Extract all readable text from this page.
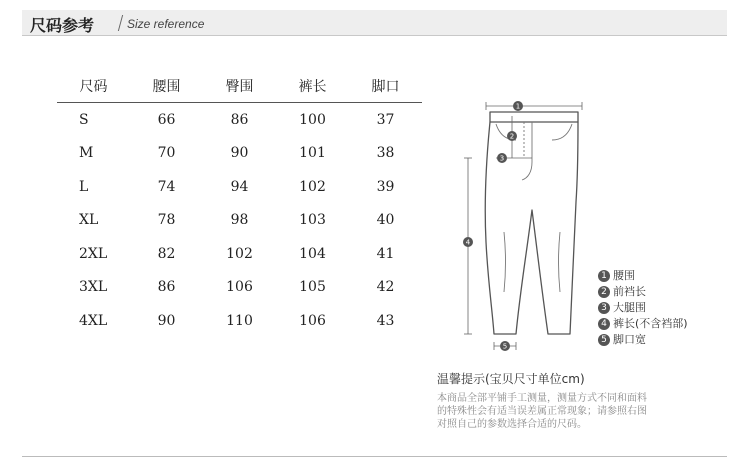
尺码参考	Size reference
尺码	腰围	臀围	裤长	脚口
S	66	86	100	37
M	70	90	101	38
L	74	94	102	39
XL	78	98	103	40
2XL	82	102	104	41
3XL	86	106	105	42
4XL	90	110	106	43
1
2
3
4
5
1 腰围
2 前裆长
3 大腿围
4 裤长(不含裆部)
5 脚口宽
温馨提示(宝贝尺寸单位cm)
本商品全部平铺手工测量，测量方式不同和面料
的特殊性会有适当误差属正常现象；请参照右图
对照自己的参数选择合适的尺码。
